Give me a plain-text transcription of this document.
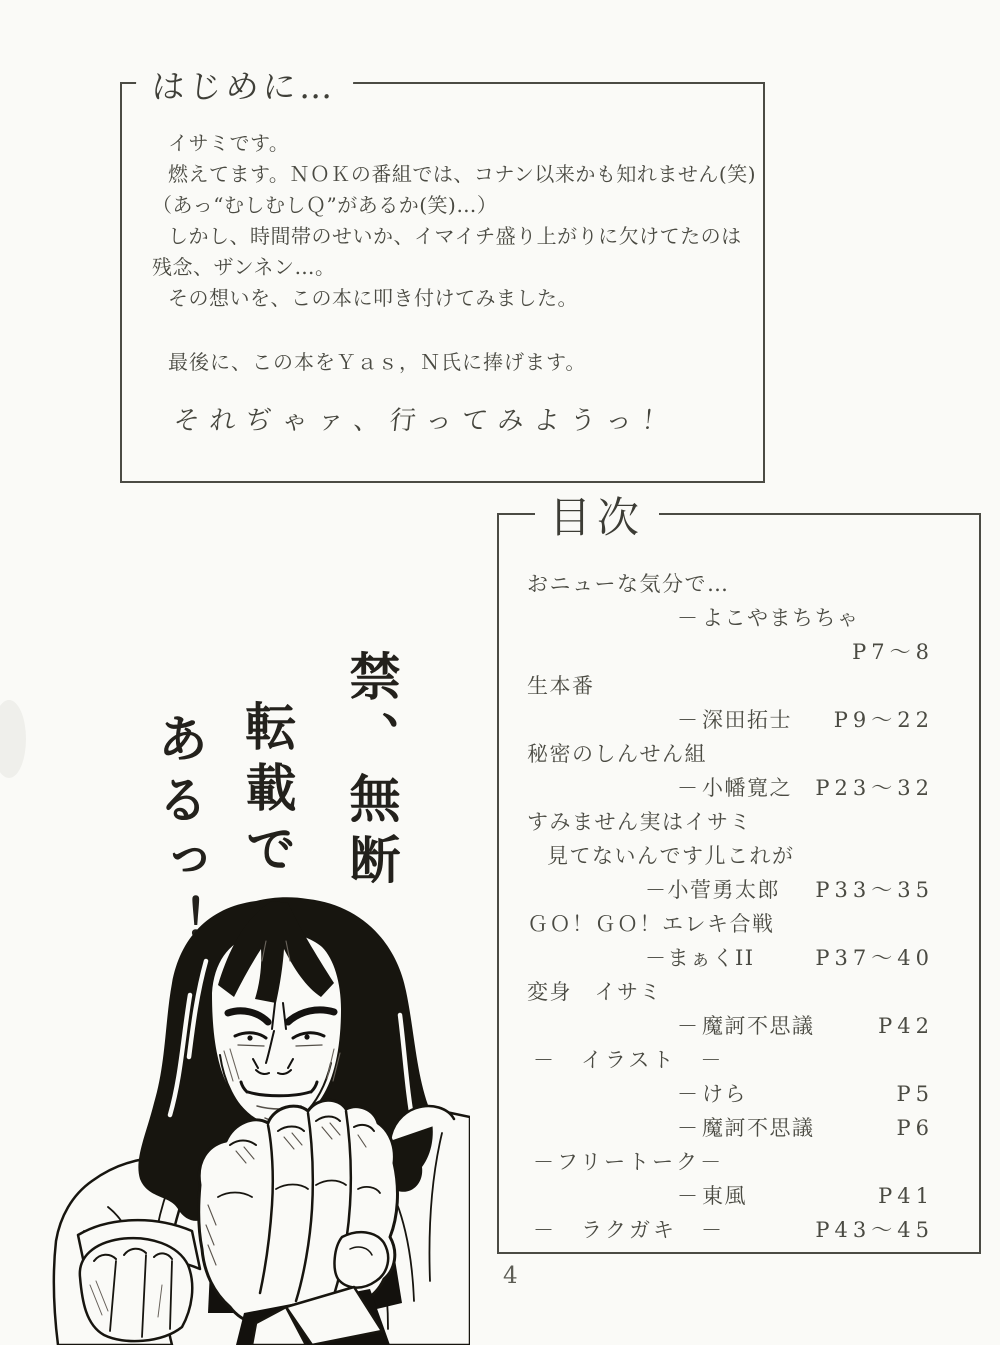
はじめに…
イサミです。
燃えてます。ＮＯＫの番組では、コナン以来かも知れません(笑)
（あっ“むしむしＱ”があるか(笑)…）
しかし、時間帯のせいか、イマイチ盛り上がりに欠けてたのは
残念、ザンネン…。
その想いを、この本に叩き付けてみました。
最後に、この本をＹａｓ，Ｎ氏に捧げます。
それぢゃァ、行ってみようっ！
目次
おニューな気分で…
－ よこやまちちゃ
P7～8
生本番
－ 深田拓士 P9～22
秘密のしんせん組
－ 小幡寛之 P23～32
すみません実はイサミ
見てないんです儿これが
－小菅勇太郎 P33～35
ＧＯ！ＧＯ！エレキ合戦
－まぁくII	P37～40
変身　イサミ
－ 魔訶不思議	P42
－　イラスト　－
－ けら	P5
－ 魔訶不思議	P6
－フリートーク－
－ 東風	P41
－　ラクガキ　－	P43～45
禁、無断
転載で
あるっ！
4
